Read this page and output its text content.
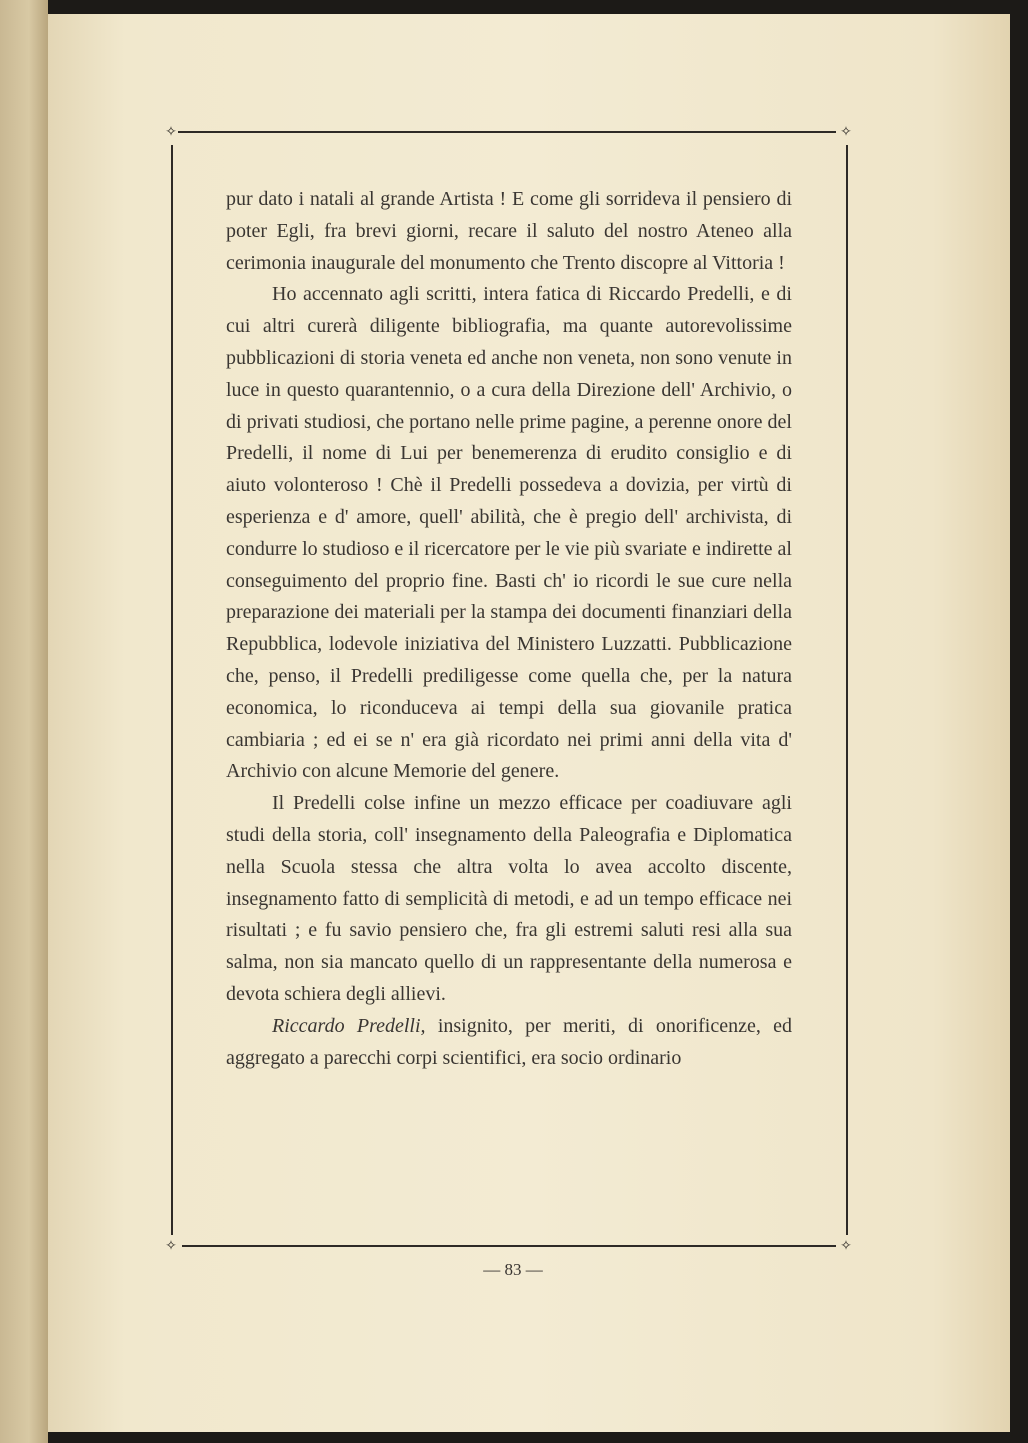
✧	✧
✧	✧

pur dato i natali al grande Artista ! E come gli sorrideva il pensiero di poter Egli, fra brevi giorni, recare il saluto del nostro Ateneo alla cerimonia inaugurale del monumento che Trento discopre al Vittoria !

Ho accennato agli scritti, intera fatica di Riccardo Predelli, e di cui altri curerà diligente bibliografia, ma quante autorevolissime pubblicazioni di storia veneta ed anche non veneta, non sono venute in luce in questo quarantennio, o a cura della Direzione dell' Archivio, o di privati studiosi, che portano nelle prime pagine, a perenne onore del Predelli, il nome di Lui per benemerenza di erudito consiglio e di aiuto volonteroso ! Chè il Predelli possedeva a dovizia, per virtù di esperienza e d' amore, quell' abilità, che è pregio dell' archivista, di condurre lo studioso e il ricercatore per le vie più svariate e indirette al conseguimento del proprio fine. Basti ch' io ricordi le sue cure nella preparazione dei materiali per la stampa dei documenti finanziari della Repubblica, lodevole iniziativa del Ministero Luzzatti. Pubblicazione che, penso, il Predelli prediligesse come quella che, per la natura economica, lo riconduceva ai tempi della sua giovanile pratica cambiaria ; ed ei se n' era già ricordato nei primi anni della vita d' Archivio con alcune Memorie del genere.

Il Predelli colse infine un mezzo efficace per coadiuvare agli studi della storia, coll' insegnamento della Paleografia e Diplomatica nella Scuola stessa che altra volta lo avea accolto discente, insegnamento fatto di semplicità di metodi, e ad un tempo efficace nei risultati ; e fu savio pensiero che, fra gli estremi saluti resi alla sua salma, non sia mancato quello di un rappresentante della numerosa e devota schiera degli allievi.

Riccardo Predelli, insignito, per meriti, di onorificenze, ed aggregato a parecchi corpi scientifici, era socio ordinario

— 83 —
